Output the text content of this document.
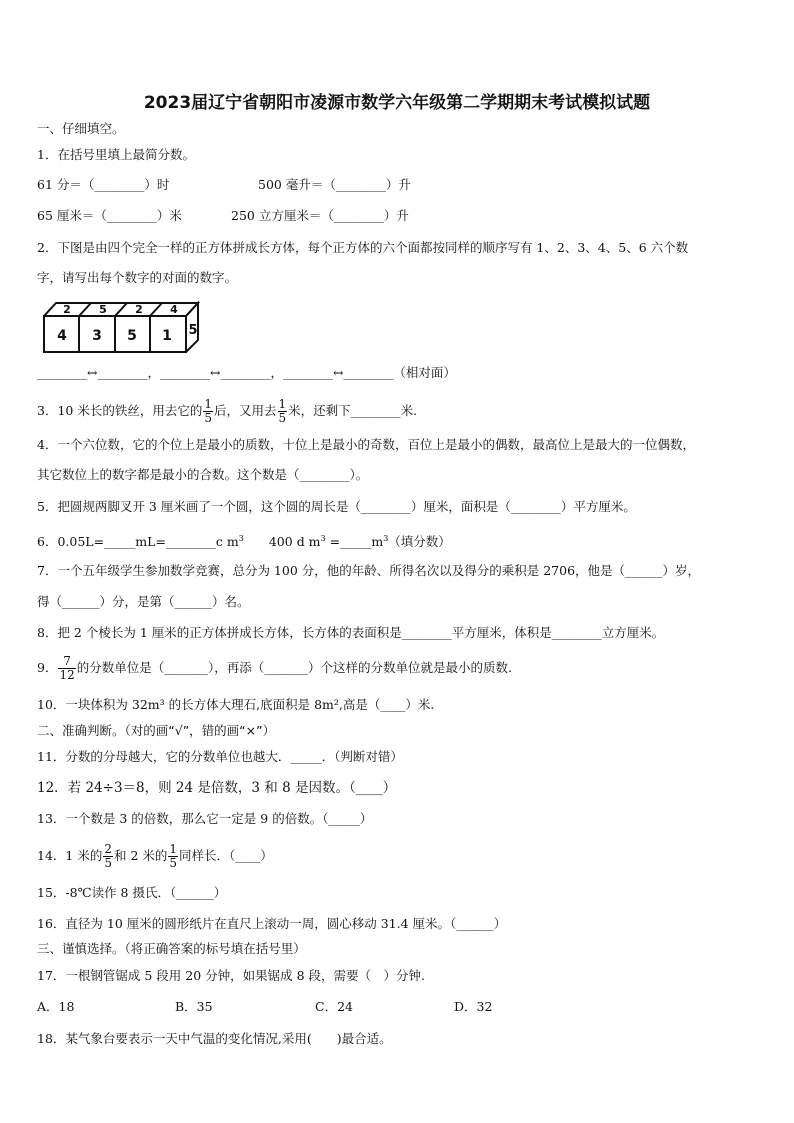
2023届辽宁省朝阳市凌源市数学六年级第二学期期末考试模拟试题
一、仔细填空。
1．在括号里填上最简分数。
61 分＝（________）时	500 毫升＝（________）升
65 厘米＝（________）米	250 立方厘米＝（________）升
2．下图是由四个完全一样的正方体拼成长方体，每个正方体的六个面都按同样的顺序写有 1、2、3、4、5、6 六个数
字，请写出每个数字的对面的数字。
2	5	2 4
4 3 5 1 5
________↔________，________↔________，________↔________（相对面）
3．10 米长的铁丝，用去它的 $\frac{1}{5}$ 后，又用去 $\frac{1}{5}$ 米，还剩下________米.
4．一个六位数，它的个位上是最小的质数，十位上是最小的奇数，百位上是最小的偶数，最高位上是最大的一位偶数，
其它数位上的数字都是最小的合数。这个数是（________）。
5．把圆规两脚叉开 3 厘米画了一个圆，这个圆的周长是（________）厘米，面积是（________）平方厘米。
6．0.05L=_____mL=________c $m^3$　　400 d $m^3$ $=\_\_\_\_\_m^3$（填分数）
7．一个五年级学生参加数学竞赛，总分为 100 分，他的年龄、所得名次以及得分的乘积是 2706，他是（______）岁，
得（______）分，是第（______）名。
8．把 2 个棱长为 1 厘米的正方体拼成长方体，长方体的表面积是________平方厘米，体积是________立方厘米。
9． $\frac{7}{12}$ 的分数单位是（_______），再添（_______）个这样的分数单位就是最小的质数.
10．一块体积为 32m³ 的长方体大理石,底面积是 8m²,高是（____）米.
二、准确判断。（对的画“√”，错的画“×”）
11．分数的分母越大，它的分数单位也越大．_____．（判断对错）
12．若 24÷3＝8，则 24 是倍数，3 和 8 是因数。（____）
13．一个数是 3 的倍数，那么它一定是 9 的倍数。（_____）
14．1 米的 $\frac{2}{5}$ 和 2 米的 $\frac{1}{5}$ 同样长．（____）
15．-8℃读作 8 摄氏．（______）
16．直径为 10 厘米的圆形纸片在直尺上滚动一周，圆心移动 31.4 厘米。（______）
三、谨慎选择。（将正确答案的标号填在括号里）
17．一根钢管锯成 5 段用 20 分钟，如果锯成 8 段，需要（　）分钟.
A．18	B．35	C．24	D．32
18．某气象台要表示一天中气温的变化情况,采用(　　)最合适。
